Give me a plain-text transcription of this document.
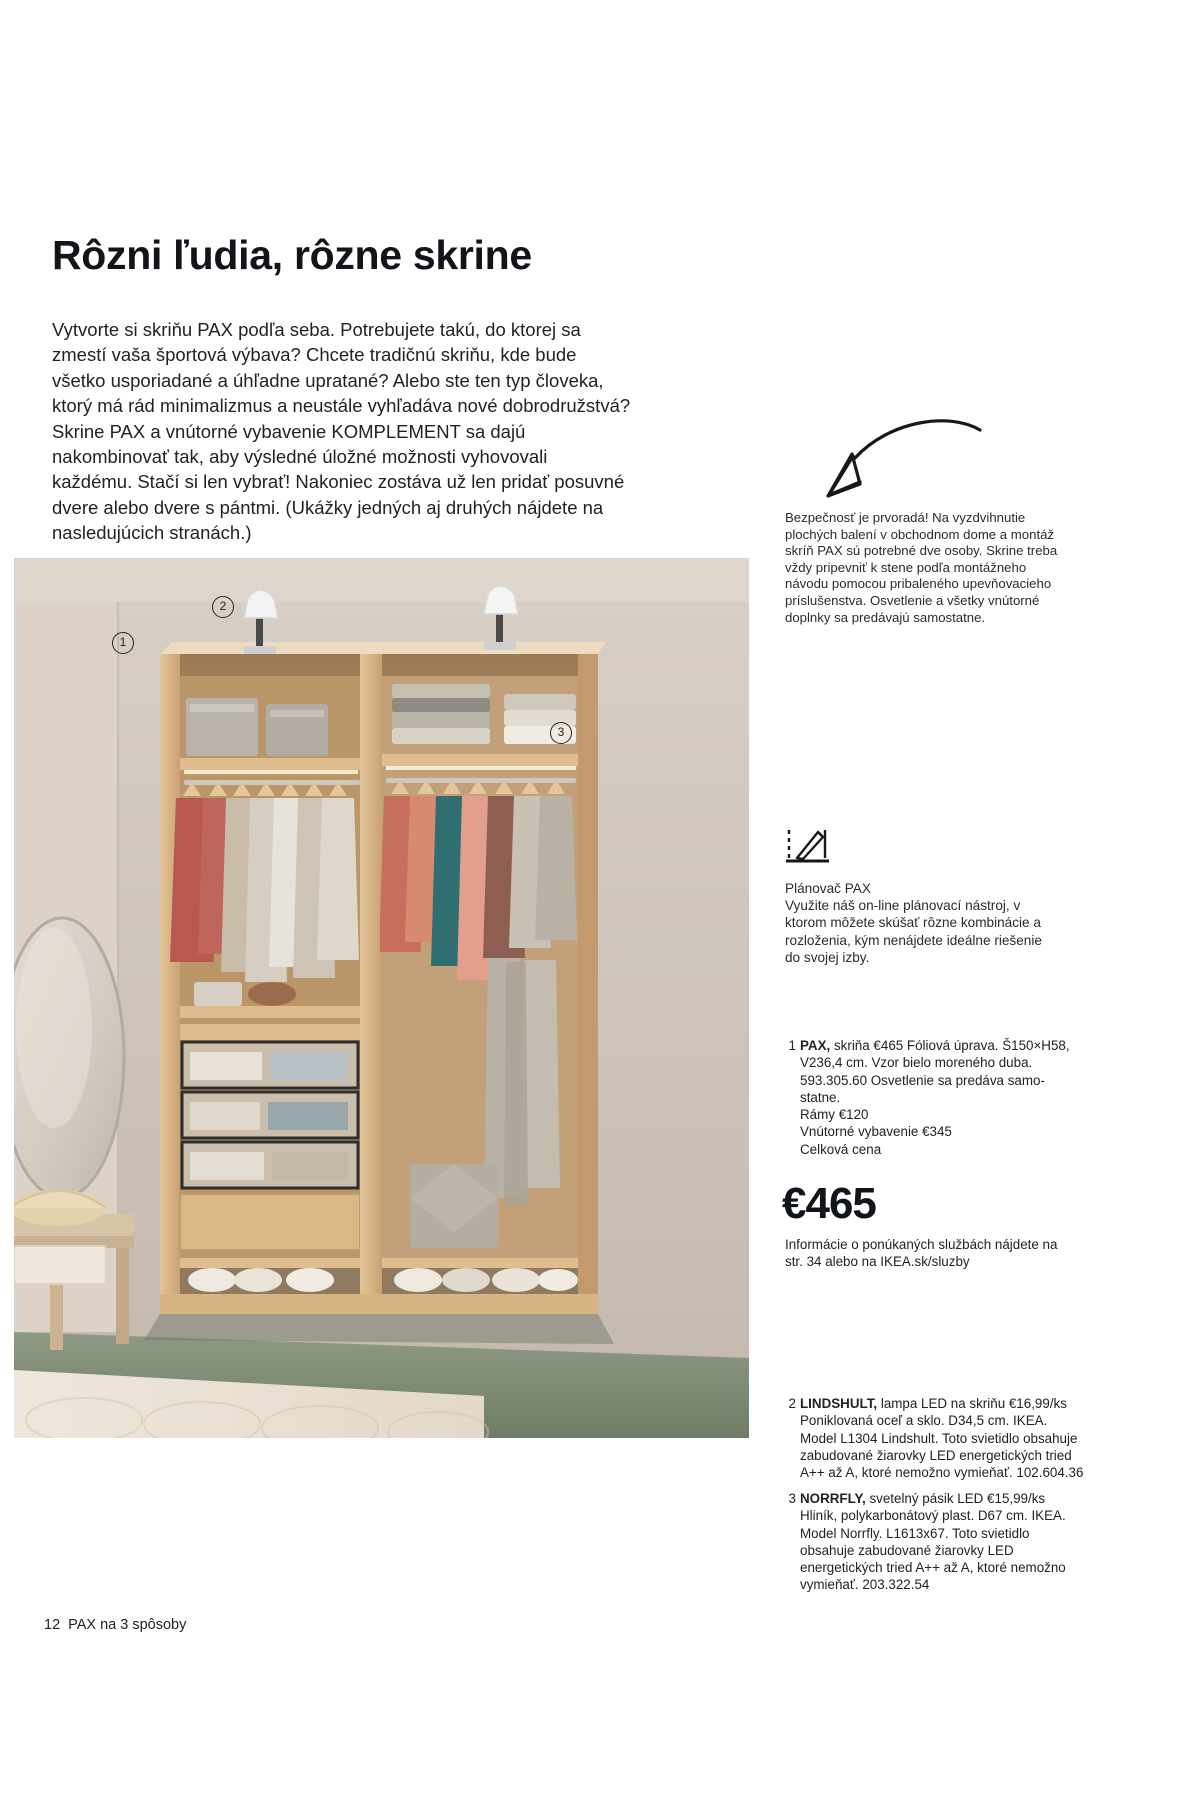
Rôzni ľudia, rôzne skrine

Vytvorte si skriňu PAX podľa seba. Potrebujete takú, do ktorej sa zmestí vaša športová výbava? Chcete tradičnú skriňu, kde bude všetko usporiadané a úhľadne upratané? Alebo ste ten typ človeka, ktorý má rád minimalizmus a neustále vyhľadáva nové dobrodružstvá? Skrine PAX a vnútorné vybavenie KOMPLEMENT sa dajú nakombinovať tak, aby výsledné úložné možnosti vyhovovali každému. Stačí si len vybrať! Nakoniec zostáva už len pridať posuvné dvere alebo dvere s pántmi. (Ukážky jedných aj druhých nájdete na nasledujúcich stranách.)

Bezpečnosť je prvoradá! Na vyzdvihnutie plochých balení v obchodnom dome a montáž skríň PAX sú potrebné dve osoby. Skrine treba vždy pripevniť k stene podľa montážneho návodu pomocou pribaleného upevňovacieho príslušenstva. Osvetlenie a všetky vnútorné doplnky sa predávajú samostatne.

Plánovač PAX

Využite náš on-line plánovací nástroj, v ktorom môžete skúšať rôzne kombinácie a rozloženia, kým nenájdete ideálne riešenie do svojej izby.

1 PAX, skriňa €465 Fóliová úprava. Š150×H58, V236,4 cm. Vzor bielo moreného duba. 593.305.60 Osvetlenie sa predáva samo-statne.
Rámy €120
Vnútorné vybavenie €345
Celková cena
€465

Informácie o ponúkaných službách nájdete na str. 34 alebo na IKEA.sk/sluzby

2 LINDSHULT, lampa LED na skriňu €16,99/ks Poniklovaná oceľ a sklo. D34,5 cm. IKEA. Model L1304 Lindshult. Toto svietidlo obsahuje zabudované žiarovky LED energetických tried A++ až A, ktoré nemožno vymieňať. 102.604.36
3 NORRFLY, svetelný pásik LED €15,99/ks Hliník, polykarbonátový plast. D67 cm. IKEA. Model Norrfly. L1613x67. Toto svietidlo obsahuje zabudované žiarovky LED energetických tried A++ až A, ktoré nemožno vymieňať. 203.322.54
12 PAX na 3 spôsoby
1
2
3
